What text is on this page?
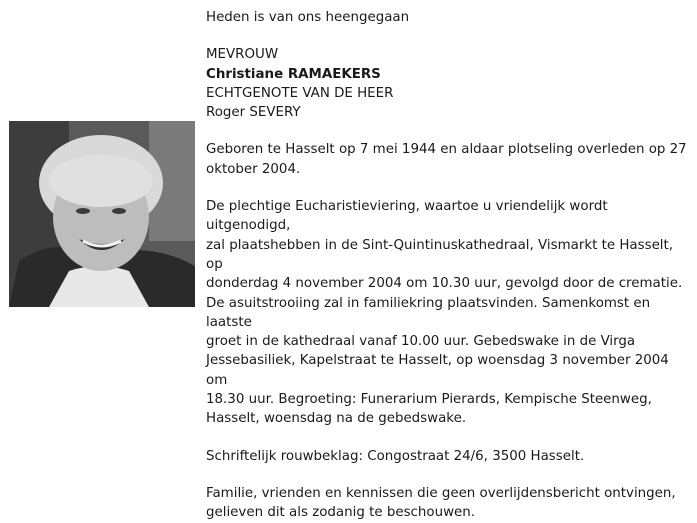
Heden is van ons heengegaan

MEVROUW

Christiane RAMAEKERS

ECHTGENOTE VAN DE HEER

Roger SEVERY

Geboren te Hasselt op 7 mei 1944 en aldaar plotseling overleden op 27

oktober 2004.

De plechtige Eucharistieviering, waartoe u vriendelijk wordt uitgenodigd,

zal plaatshebben in de Sint-Quintinuskathedraal, Vismarkt te Hasselt, op

donderdag 4 november 2004 om 10.30 uur, gevolgd door de crematie.

De asuitstrooiing zal in familiekring plaatsvinden. Samenkomst en laatste

groet in de kathedraal vanaf 10.00 uur. Gebedswake in de Virga

Jessebasiliek, Kapelstraat te Hasselt, op woensdag 3 november 2004 om

18.30 uur. Begroeting: Funerarium Pierards, Kempische Steenweg,

Hasselt, woensdag na de gebedswake.

Schriftelijk rouwbeklag: Congostraat 24/6, 3500 Hasselt.

Familie, vrienden en kennissen die geen overlijdensbericht ontvingen,

gelieven dit als zodanig te beschouwen.
